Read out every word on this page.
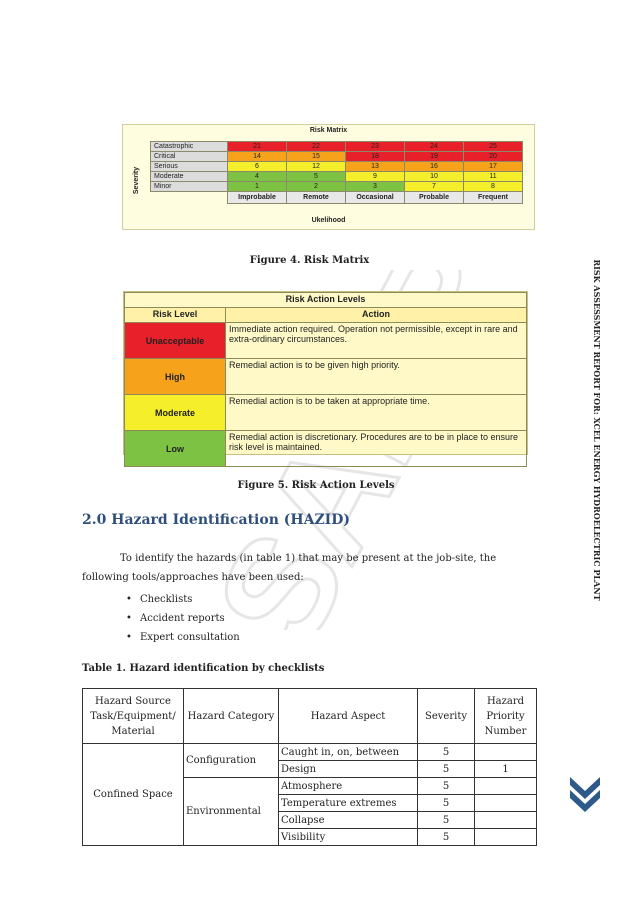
Risk Matrix
Severity
Catastrophic	21	22	23	24	25
Critical	14	15	18	19	20
Serious	6	12	13	16	17
Moderate	4	5	9	10	11
Minor	1	2	3	7	8
	Improbable	Remote	Occasional	Probable	Frequent
Ukelihood
Figure 4. Risk Matrix
Risk Action Levels	
Risk Level	Action
Unacceptable	Immediate action required. Operation not permissible, except in rare and extra-ordinary circumstances.
High	Remedial action is to be given high priority.
Moderate	Remedial action is to be taken at appropriate time.
Low	Remedial action is discretionary. Procedures are to be in place to ensure risk level is maintained.
Figure 5. Risk Action Levels
2.0 Hazard Identification (HAZID)
To identify the hazards (in table 1) that may be present at the job-site, the
following tools/approaches have been used:
• Checklists
• Accident reports
• Expert consultation
Table 1. Hazard identification by checklists
Hazard Source
Task/Equipment/
Material	Hazard Category	Hazard Aspect	Severity	Hazard
Priority
Number
Confined Space	Configuration	Caught in, on, between	5	
		Design	5	1
	Environmental	Atmosphere	5	
		Temperature extremes	5	
		Collapse	5	
		Visibility	5	
RISK ASSESSMENT REPORT FOR: XCEL ENERGY HYDROELECTRIC PLANT
